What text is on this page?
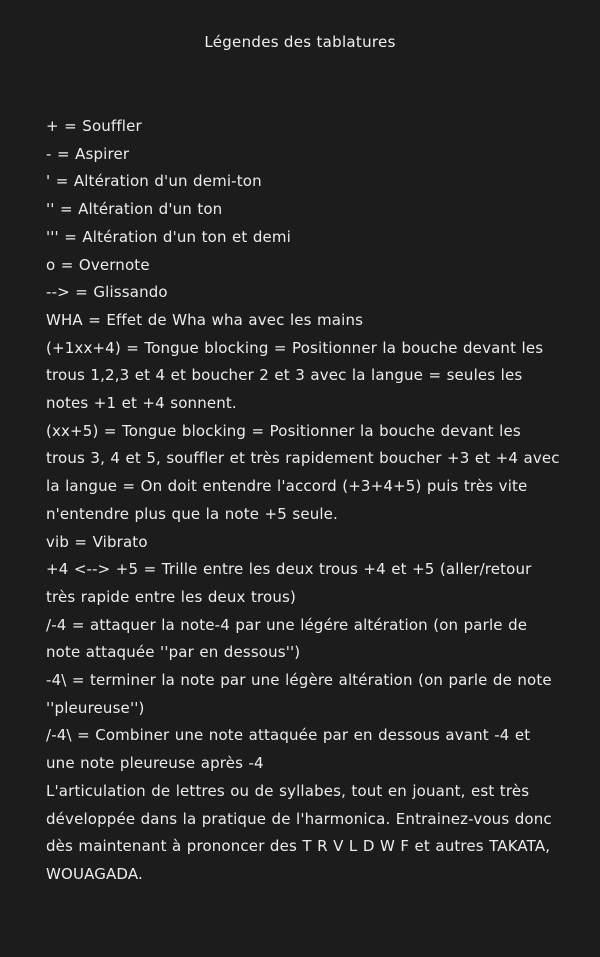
Légendes des tablatures

+ = Souffler

- = Aspirer

' = Altération d'un demi-ton

'' = Altération d'un ton

''' = Altération d'un ton et demi

o = Overnote

--> = Glissando

WHA = Effet de Wha wha avec les mains

(+1xx+4) = Tongue blocking = Positionner la bouche devant les trous 1,2,3 et 4 et boucher 2 et 3 avec la langue = seules les notes +1 et +4 sonnent.

(xx+5) = Tongue blocking = Positionner la bouche devant les trous 3, 4 et 5, souffler et très rapidement boucher +3 et +4 avec la langue = On doit entendre l'accord (+3+4+5) puis très vite n'entendre plus que la note +5 seule.

vib = Vibrato

+4 <--> +5 = Trille entre les deux trous +4 et +5 (aller/retour très rapide entre les deux trous)

/-4 = attaquer la note-4 par une légére altération (on parle de note attaquée ''par en dessous'')

-4\ = terminer la note par une légère altération (on parle de note ''pleureuse'')

/-4\ = Combiner une note attaquée par en dessous avant -4 et une note pleureuse après -4

L'articulation de lettres ou de syllabes, tout en jouant, est très développée dans la pratique de l'harmonica. Entrainez-vous donc dès maintenant à prononcer des T R V L D W F et autres TAKATA, WOUAGADA.
